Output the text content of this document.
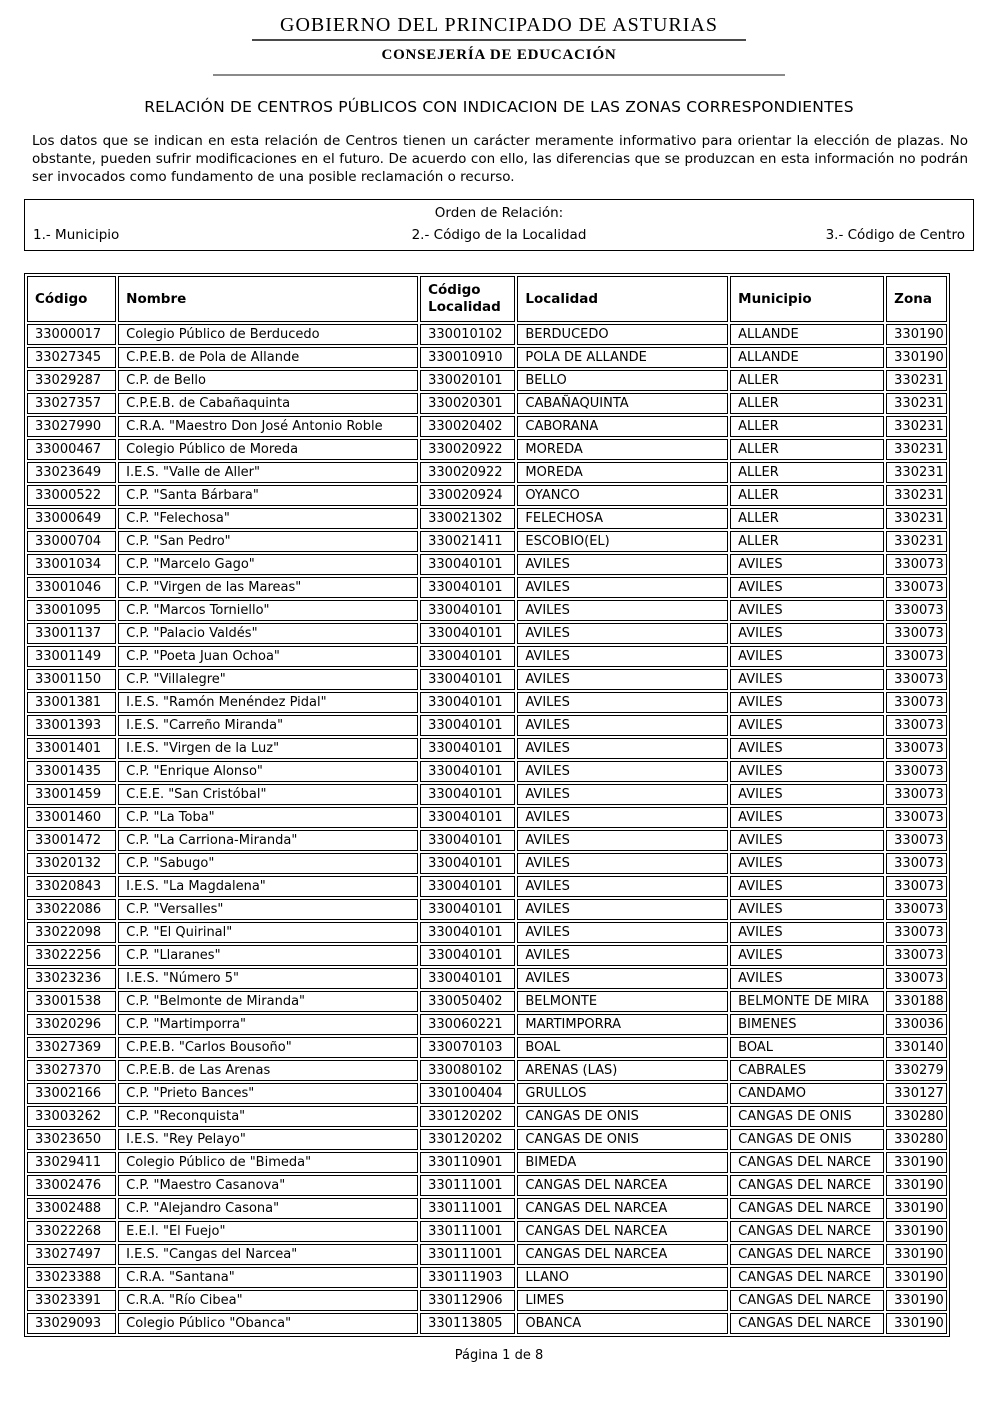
GOBIERNO DEL PRINCIPADO DE ASTURIAS
CONSEJERÍA DE EDUCACIÓN
RELACIÓN DE CENTROS PÚBLICOS CON INDICACION DE LAS ZONAS CORRESPONDIENTES

Los datos que se indican en esta relación de Centros tienen un carácter meramente informativo para orientar la elección de plazas. No obstante, pueden sufrir modificaciones en el futuro. De acuerdo con ello, las diferencias que se produzcan en esta información no podrán ser invocados como fundamento de una posible reclamación o recurso.

Orden de Relación:
1.- Municipio	2.- Código de la Localidad	3.- Código de Centro
Código	Nombre	Código Localidad	Localidad	Municipio	Zona
33000017	Colegio Público de Berducedo	330010102	BERDUCEDO	ALLANDE	330190
33027345	C.P.E.B. de Pola de Allande	330010910	POLA DE ALLANDE	ALLANDE	330190
33029287	C.P. de Bello	330020101	BELLO	ALLER	330231
33027357	C.P.E.B. de Cabañaquinta	330020301	CABAÑAQUINTA	ALLER	330231
33027990	C.R.A. "Maestro Don José Antonio Roble	330020402	CABORANA	ALLER	330231
33000467	Colegio Público de Moreda	330020922	MOREDA	ALLER	330231
33023649	I.E.S. "Valle de Aller"	330020922	MOREDA	ALLER	330231
33000522	C.P. "Santa Bárbara"	330020924	OYANCO	ALLER	330231
33000649	C.P. "Felechosa"	330021302	FELECHOSA	ALLER	330231
33000704	C.P. "San Pedro"	330021411	ESCOBIO(EL)	ALLER	330231
33001034	C.P. "Marcelo Gago"	330040101	AVILES	AVILES	330073
33001046	C.P. "Virgen de las Mareas"	330040101	AVILES	AVILES	330073
33001095	C.P. "Marcos Torniello"	330040101	AVILES	AVILES	330073
33001137	C.P. "Palacio Valdés"	330040101	AVILES	AVILES	330073
33001149	C.P. "Poeta Juan Ochoa"	330040101	AVILES	AVILES	330073
33001150	C.P. "Villalegre"	330040101	AVILES	AVILES	330073
33001381	I.E.S. "Ramón Menéndez Pidal"	330040101	AVILES	AVILES	330073
33001393	I.E.S. "Carreño Miranda"	330040101	AVILES	AVILES	330073
33001401	I.E.S. "Virgen de la Luz"	330040101	AVILES	AVILES	330073
33001435	C.P. "Enrique Alonso"	330040101	AVILES	AVILES	330073
33001459	C.E.E. "San Cristóbal"	330040101	AVILES	AVILES	330073
33001460	C.P. "La Toba"	330040101	AVILES	AVILES	330073
33001472	C.P. "La Carriona-Miranda"	330040101	AVILES	AVILES	330073
33020132	C.P. "Sabugo"	330040101	AVILES	AVILES	330073
33020843	I.E.S. "La Magdalena"	330040101	AVILES	AVILES	330073
33022086	C.P. "Versalles"	330040101	AVILES	AVILES	330073
33022098	C.P. "El Quirinal"	330040101	AVILES	AVILES	330073
33022256	C.P. "Llaranes"	330040101	AVILES	AVILES	330073
33023236	I.E.S. "Número 5"	330040101	AVILES	AVILES	330073
33001538	C.P. "Belmonte de Miranda"	330050402	BELMONTE	BELMONTE DE MIRA	330188
33020296	C.P. "Martimporra"	330060221	MARTIMPORRA	BIMENES	330036
33027369	C.P.E.B. "Carlos Bousoño"	330070103	BOAL	BOAL	330140
33027370	C.P.E.B. de Las Arenas	330080102	ARENAS (LAS)	CABRALES	330279
33002166	C.P. "Prieto Bances"	330100404	GRULLOS	CANDAMO	330127
33003262	C.P. "Reconquista"	330120202	CANGAS DE ONIS	CANGAS DE ONIS	330280
33023650	I.E.S. "Rey Pelayo"	330120202	CANGAS DE ONIS	CANGAS DE ONIS	330280
33029411	Colegio Público de "Bimeda"	330110901	BIMEDA	CANGAS DEL NARCE	330190
33002476	C.P. "Maestro Casanova"	330111001	CANGAS DEL NARCEA	CANGAS DEL NARCE	330190
33002488	C.P. "Alejandro Casona"	330111001	CANGAS DEL NARCEA	CANGAS DEL NARCE	330190
33022268	E.E.I. "El Fuejo"	330111001	CANGAS DEL NARCEA	CANGAS DEL NARCE	330190
33027497	I.E.S. "Cangas del Narcea"	330111001	CANGAS DEL NARCEA	CANGAS DEL NARCE	330190
33023388	C.R.A. "Santana"	330111903	LLANO	CANGAS DEL NARCE	330190
33023391	C.R.A. "Río Cibea"	330112906	LIMES	CANGAS DEL NARCE	330190
33029093	Colegio Público "Obanca"	330113805	OBANCA	CANGAS DEL NARCE	330190
Página 1 de 8
